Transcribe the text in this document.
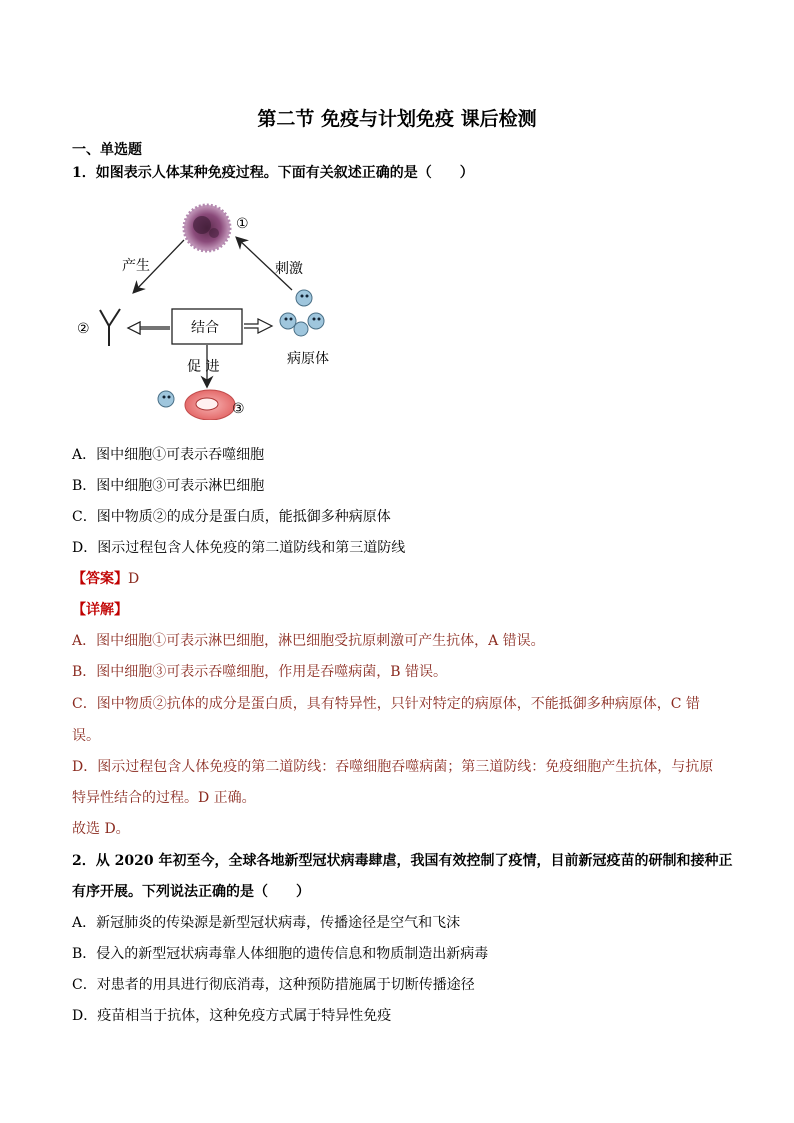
第二节 免疫与计划免疫 课后检测
一、单选题
1．如图表示人体某种免疫过程。下面有关叙述正确的是（　　）
①
产生	刺激
②	结合
病原体
促 进
③
A．图中细胞①可表示吞噬细胞
B．图中细胞③可表示淋巴细胞
C．图中物质②的成分是蛋白质，能抵御多种病原体
D．图示过程包含人体免疫的第二道防线和第三道防线
【答案】D
【详解】
A．图中细胞①可表示淋巴细胞，淋巴细胞受抗原刺激可产生抗体，A 错误。
B．图中细胞③可表示吞噬细胞，作用是吞噬病菌，B 错误。
C．图中物质②抗体的成分是蛋白质，具有特异性，只针对特定的病原体，不能抵御多种病原体，C 错
误。
D．图示过程包含人体免疫的第二道防线：吞噬细胞吞噬病菌；第三道防线：免疫细胞产生抗体，与抗原
特异性结合的过程。D 正确。
故选 D。
2．从 2020 年初至今，全球各地新型冠状病毒肆虐，我国有效控制了疫情，目前新冠疫苗的研制和接种正
有序开展。下列说法正确的是（　　）
A．新冠肺炎的传染源是新型冠状病毒，传播途径是空气和飞沫
B．侵入的新型冠状病毒靠人体细胞的遗传信息和物质制造出新病毒
C．对患者的用具进行彻底消毒，这种预防措施属于切断传播途径
D．疫苗相当于抗体，这种免疫方式属于特异性免疫
